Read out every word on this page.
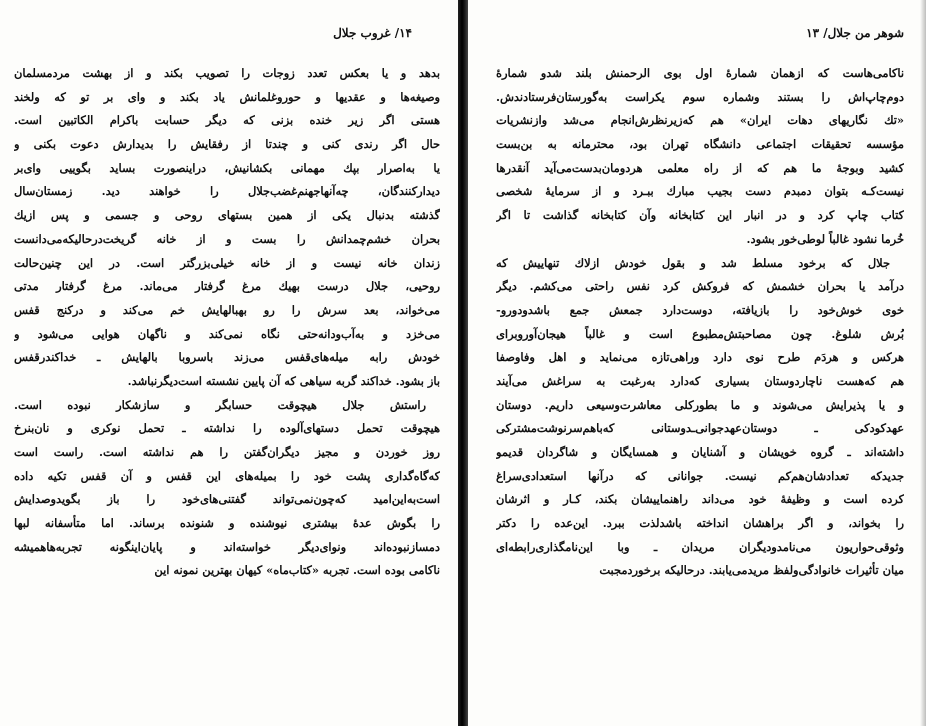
۱۴/ غروب جلال
بدهد و یا بعکس تعدد زوجات را تصویب بکند و از بهشت مردمسلمان
وصیغه‌ها و عقدیها و حورو‌غلمانش یاد بکند و وای بر تو که ولخند
هستی اگر زیر خنده بزنی که دیگر حسابت باکرام الکاتبین است.
حال اگر رندی کنی و چندتا از رفقایش را بدیدارش دعوت بکنی و
یا به‌اصرار بپك مهمانی بکشانیش، دراینصورت بساید بگوییی وای‌بر
دیدارکنندگان، چه‌آنهاجهنم‌غضب‌جلال را خواهند دید. زمستان‌سال
گذشته بدنبال یکی از همین بستهای روحی و جسمی و پس ازیك
بحران خشم‌چمدانش را بست و از خانه گریخت‌درحالیکه‌می‌دانست
زندان خانه نیست و از خانه خیلی‌بزرگتر است. در این چنین‌حالت
روحیی، جلال درست بهیك مرغ گرفتار می‌ماند. مرغ گرفتار مدتی
می‌خواند، بعد سرش را رو بهبالهایش خم می‌کند و درکنج قفس
می‌خزد و به‌آب‌ودانه‌حتی نگاه نمی‌کند و ناگهان هوایی می‌شود و
خودش رابه میله‌های‌قفس می‌زند باسروبا بالهایش ـ خداکندرقفس
باز بشود. خداکند گربه سیاهی که آن پایین نشسته است‌دیگرنباشد.
راستش جلال هیچوقت حسابگر و سازشکار نبوده است.
هیچوقت تحمل دستهای‌آلوده را نداشته ـ تحمل نوکری و نان‌بنرخ
روز خوردن و مجیز دیگران‌گفتن را هم نداشته است. راست است
که‌گاه‌گداری پشت خود را بمیله‌های این قفس و آن قفس تکیه داده
است‌به‌این‌امید که‌چون‌نمی‌تواند گفتنی‌های‌خود را باز بگوید‌وصدایش
را بگوش عدهٔ بیشتری نیوشنده و شنونده برساند. اما متأسفانه لبها
دمساز‌نبوده‌اند ونوای‌دیگر خواسته‌اند و پایان‌اینگونه تجربه‌هاهمیشه
ناکامی بوده است. تجربه «کتاب‌ماه» کیهان بهترین نمونه این
شوهر من جلال/ ۱۳
ناکامی‌هاست که ازهمان شمارهٔ اول بوی الرحمنش بلند شدو شمارهٔ
دوم‌چاپ‌اش را بستند وشماره سوم یکراست به‌گورستان‌فرستادندش.
«تك نگاریهای دهات ایران» هم که‌زیرنظرش‌انجام می‌شد وازنشریات
مؤسسه تحقیقات اجتماعی دانشگاه تهران بود، محترمانه به بن‌بست
کشید وبوجهٔ ما هم که از راه معلمی هردومان‌بدست‌می‌آید آنقدرها
نیست‌کـه بتوان دمبدم دست بجیب مبارك ببـرد و از سرمایهٔ شخصی
کتاب چاپ کرد و در انبار این کتابخانه وآن کتابخانه گذاشت تا اگر
خُرما نشود غالباً لوطی‌خور بشود.
جلال که برخود مسلط شد و بقول خودش ازلاك تنهاییش که
درآمد یا بحران خشمش که فروکش کرد نفس راحتی می‌کشم. دیگر
خوی خوش‌خود را بازیافته، دوست‌دارد جمعش جمع باشدودورو-
بُرش شلوغ. چون مصاحبتش‌مطبوع است و غالباً هیجان‌آوروبرای
هرکس و هردَم طرح نوی دارد وراهی‌تازه می‌نماید و اهل وفاوصفا
هم که‌هست ناچاردوستان بسیاری که‌دارد به‌رغبت به سراغش می‌آیند
و یا پذیرایش می‌شوند و ما بطورکلی معاشرت‌وسیعی داریم. دوستان
عهدکودکی ـ دوستان‌عهدجوانی‌ـدوستانی که‌باهم‌سرنوشت‌مشترکی
داشته‌اند ـ گروه خویشان و آشنایان و همسایگان و شاگردان قدیمو
جدیدکه تعداد‌شان‌هم‌کم نیست. جوانانی که درآنها استعدادی‌سراغ
کرده است و وظیفهٔ خود می‌داند راهنماییشان بکند، کـار و اثرشان
را بخواند، و اگر براهشان انداخته باشدلذت ببرد. این‌عده را دکتر
وثوقی‌حواریون می‌نامدودیگران مریدان ـ وبا این‌نامگذاری‌رابطه‌ای
میان تأثیرات خانوادگی‌ولفظ مریدمی‌یابند. درحالیکه برخوردمجبت
